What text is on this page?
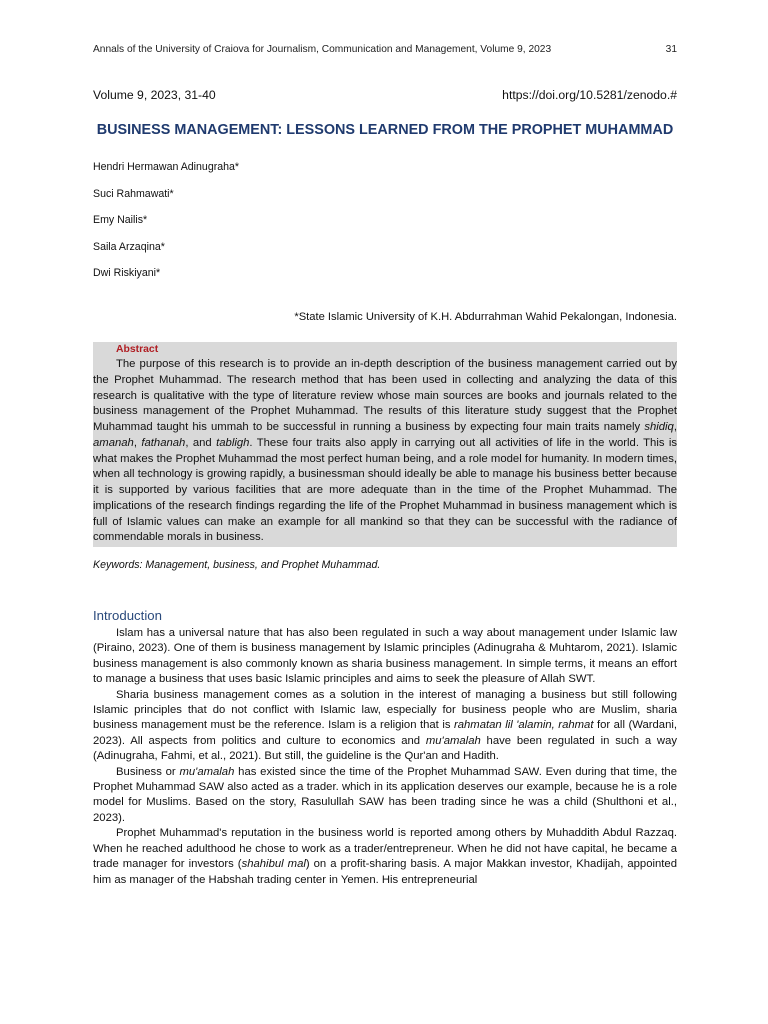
Annals of the University of Craiova for Journalism, Communication and Management, Volume 9, 2023	31
Volume 9, 2023, 31-40	https://doi.org/10.5281/zenodo.#
BUSINESS MANAGEMENT: LESSONS LEARNED FROM THE PROPHET MUHAMMAD
Hendri Hermawan Adinugraha*
Suci Rahmawati*
Emy Nailis*
Saila Arzaqina*
Dwi Riskiyani*
*State Islamic University of K.H. Abdurrahman Wahid Pekalongan, Indonesia.

Abstract

The purpose of this research is to provide an in-depth description of the business management carried out by the Prophet Muhammad. The research method that has been used in collecting and analyzing the data of this research is qualitative with the type of literature review whose main sources are books and journals related to the business management of the Prophet Muhammad. The results of this literature study suggest that the Prophet Muhammad taught his ummah to be successful in running a business by expecting four main traits namely shidiq, amanah, fathanah, and tabligh. These four traits also apply in carrying out all activities of life in the world. This is what makes the Prophet Muhammad the most perfect human being, and a role model for humanity. In modern times, when all technology is growing rapidly, a businessman should ideally be able to manage his business better because it is supported by various facilities that are more adequate than in the time of the Prophet Muhammad. The implications of the research findings regarding the life of the Prophet Muhammad in business management which is full of Islamic values can make an example for all mankind so that they can be successful with the radiance of commendable morals in business.

Keywords: Management, business, and Prophet Muhammad.

Introduction

Islam has a universal nature that has also been regulated in such a way about management under Islamic law (Piraino, 2023). One of them is business management by Islamic principles (Adinugraha & Muhtarom, 2021). Islamic business management is also commonly known as sharia business management. In simple terms, it means an effort to manage a business that uses basic Islamic principles and aims to seek the pleasure of Allah SWT.

Sharia business management comes as a solution in the interest of managing a business but still following Islamic principles that do not conflict with Islamic law, especially for business people who are Muslim, sharia business management must be the reference. Islam is a religion that is rahmatan lil 'alamin, rahmat for all (Wardani, 2023). All aspects from politics and culture to economics and mu'amalah have been regulated in such a way (Adinugraha, Fahmi, et al., 2021). But still, the guideline is the Qur'an and Hadith.

Business or mu'amalah has existed since the time of the Prophet Muhammad SAW. Even during that time, the Prophet Muhammad SAW also acted as a trader. which in its application deserves our example, because he is a role model for Muslims. Based on the story, Rasulullah SAW has been trading since he was a child (Shulthoni et al., 2023).

Prophet Muhammad's reputation in the business world is reported among others by Muhaddith Abdul Razzaq. When he reached adulthood he chose to work as a trader/entrepreneur. When he did not have capital, he became a trade manager for investors (shahibul mal) on a profit-sharing basis. A major Makkan investor, Khadijah, appointed him as manager of the Habshah trading center in Yemen. His entrepreneurial
